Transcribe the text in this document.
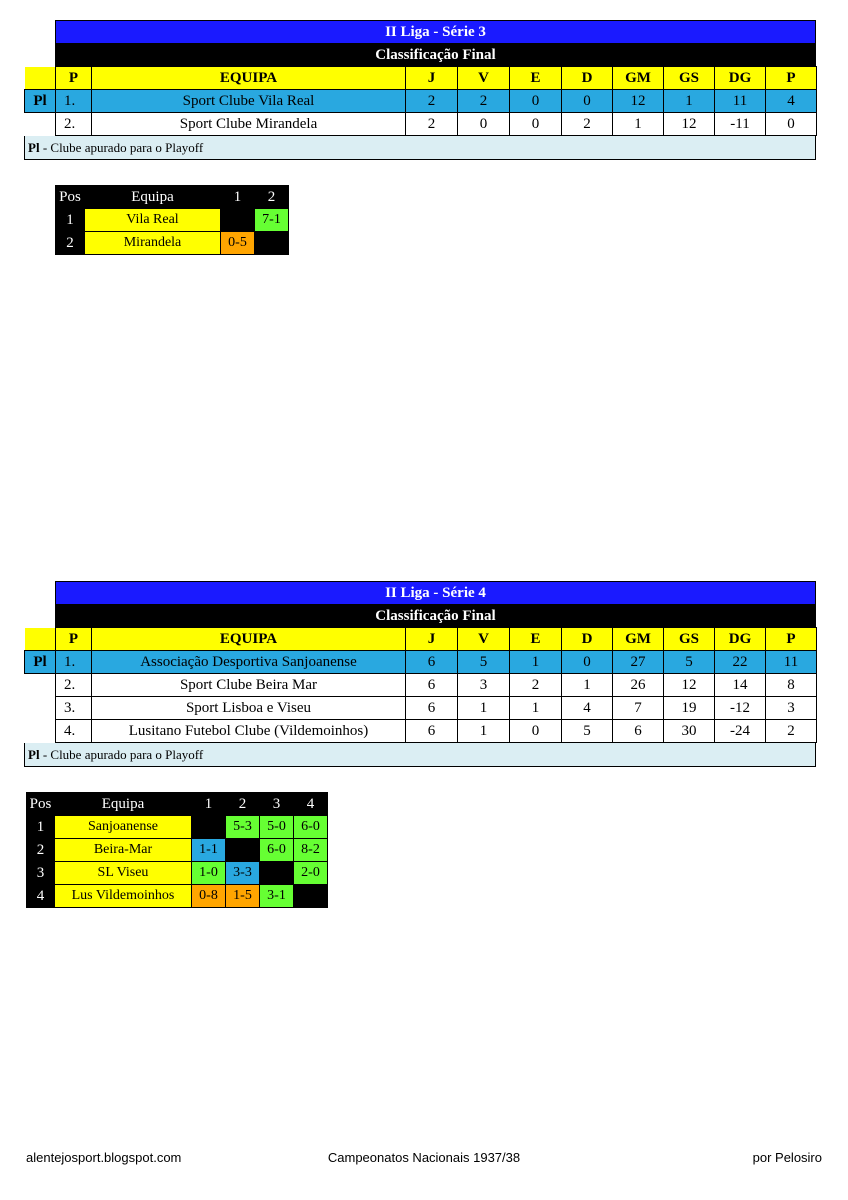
II Liga - Série 3
Classificação Final
	P	EQUIPA	J	V	E	D	GM	GS	DG	P
Pl	1.	Sport Clube Vila Real	2	2	0	0	12	1	11	4
	2.	Sport Clube Mirandela	2	0	0	2	1	12	-11	0
Pl - Clube apurado para o Playoff
Pos	Equipa	1	2
1	Vila Real		7-1
2	Mirandela	0-5	
II Liga - Série 4
Classificação Final
	P	EQUIPA	J	V	E	D	GM	GS	DG	P
Pl	1.	Associação Desportiva Sanjoanense	6	5	1	0	27	5	22	11
	2.	Sport Clube Beira Mar	6	3	2	1	26	12	14	8
	3.	Sport Lisboa e Viseu	6	1	1	4	7	19	-12	3
	4.	Lusitano Futebol Clube (Vildemoinhos)	6	1	0	5	6	30	-24	2
Pl - Clube apurado para o Playoff
Pos	Equipa	1	2	3	4
1	Sanjoanense		5-3	5-0	6-0
2	Beira-Mar	1-1		6-0	8-2
3	SL Viseu	1-0	3-3		2-0
4	Lus Vildemoinhos	0-8	1-5	3-1	
alentejosport.blogspot.com	Campeonatos Nacionais 1937/38	por Pelosiro
